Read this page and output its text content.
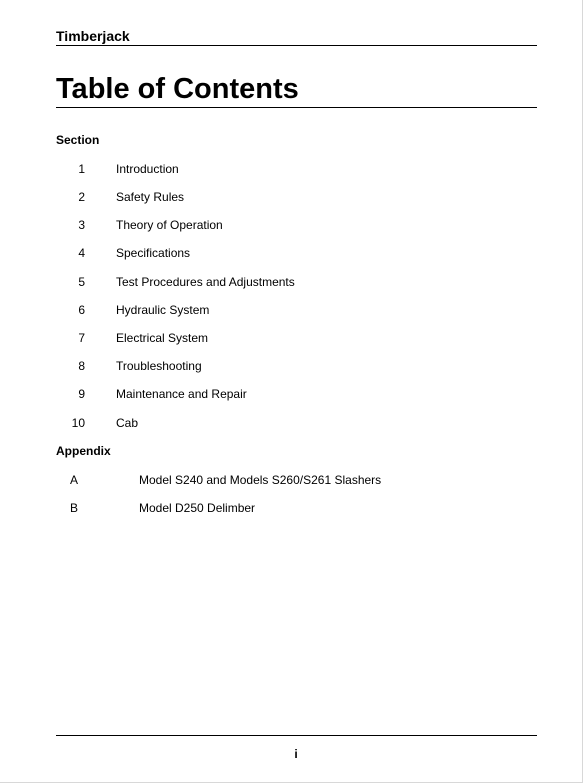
Timberjack
Table of Contents
Section
1	Introduction
2	Safety Rules
3	Theory of Operation
4	Specifications
5	Test Procedures and Adjustments
6	Hydraulic System
7	Electrical System
8	Troubleshooting
9	Maintenance and Repair
10	Cab
Appendix
A	Model S240 and Models S260/S261 Slashers
B	Model D250 Delimber
i
